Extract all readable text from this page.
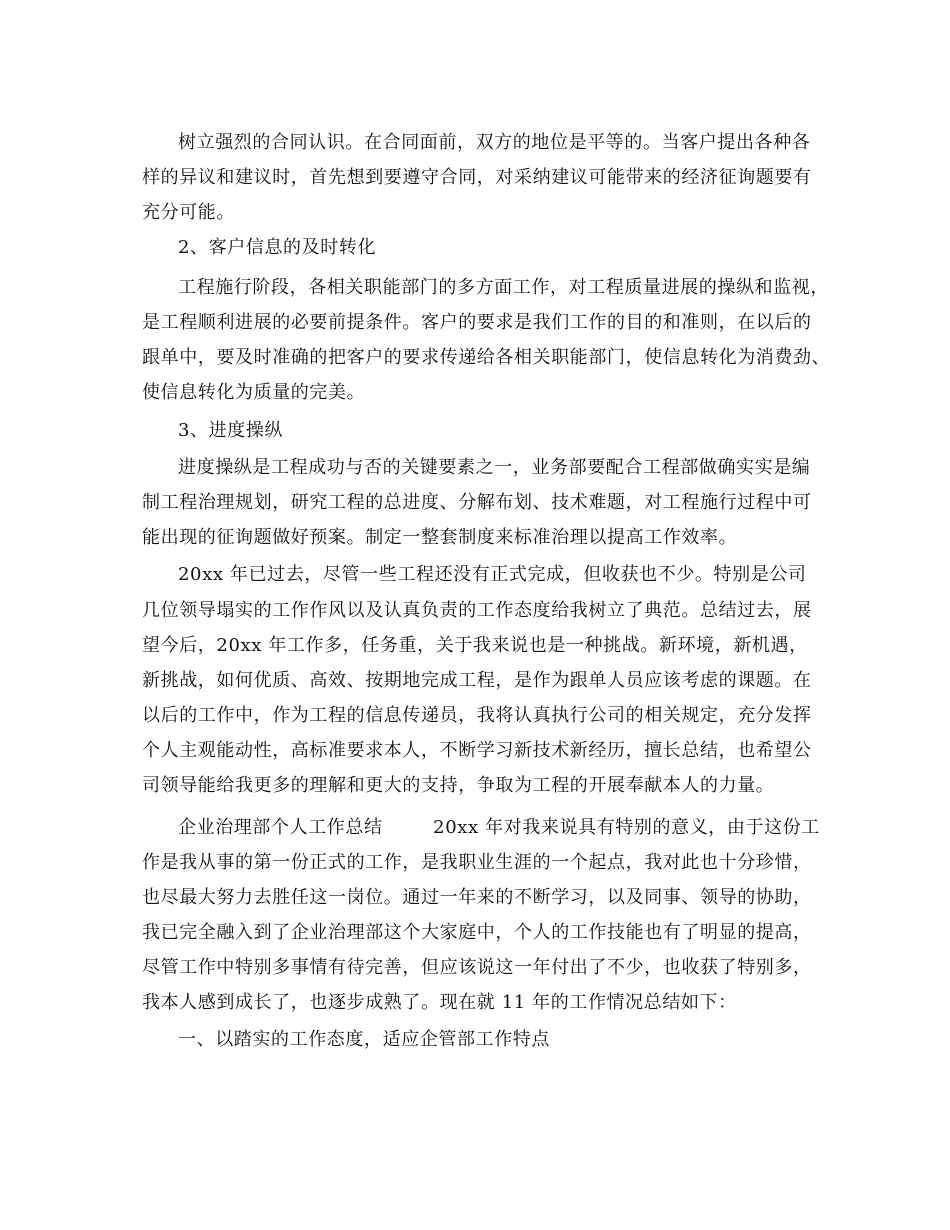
树立强烈的合同认识。在合同面前，双方的地位是平等的。当客户提出各种各
样的异议和建议时，首先想到要遵守合同，对采纳建议可能带来的经济征询题要有
充分可能。
2、客户信息的及时转化
工程施行阶段，各相关职能部门的多方面工作，对工程质量进展的操纵和监视，
是工程顺利进展的必要前提条件。客户的要求是我们工作的目的和准则，在以后的
跟单中，要及时准确的把客户的要求传递给各相关职能部门，使信息转化为消费劲、
使信息转化为质量的完美。
3、进度操纵
进度操纵是工程成功与否的关键要素之一，业务部要配合工程部做确实实是编
制工程治理规划，研究工程的总进度、分解布划、技术难题，对工程施行过程中可
能出现的征询题做好预案。制定一整套制度来标准治理以提高工作效率。
20xx 年已过去，尽管一些工程还没有正式完成，但收获也不少。特别是公司
几位领导塌实的工作作风以及认真负责的工作态度给我树立了典范。总结过去，展
望今后，20xx 年工作多，任务重，关于我来说也是一种挑战。新环境，新机遇，
新挑战，如何优质、高效、按期地完成工程，是作为跟单人员应该考虑的课题。在
以后的工作中，作为工程的信息传递员，我将认真执行公司的相关规定，充分发挥
个人主观能动性，高标准要求本人，不断学习新技术新经历，擅长总结，也希望公
司领导能给我更多的理解和更大的支持，争取为工程的开展奉献本人的力量。
企业治理部个人工作总结        20xx 年对我来说具有特别的意义，由于这份工
作是我从事的第一份正式的工作，是我职业生涯的一个起点，我对此也十分珍惜，
也尽最大努力去胜任这一岗位。通过一年来的不断学习，以及同事、领导的协助，
我已完全融入到了企业治理部这个大家庭中，个人的工作技能也有了明显的提高，
尽管工作中特别多事情有待完善，但应该说这一年付出了不少，也收获了特别多，
我本人感到成长了，也逐步成熟了。现在就 11 年的工作情况总结如下：
一、以踏实的工作态度，适应企管部工作特点
